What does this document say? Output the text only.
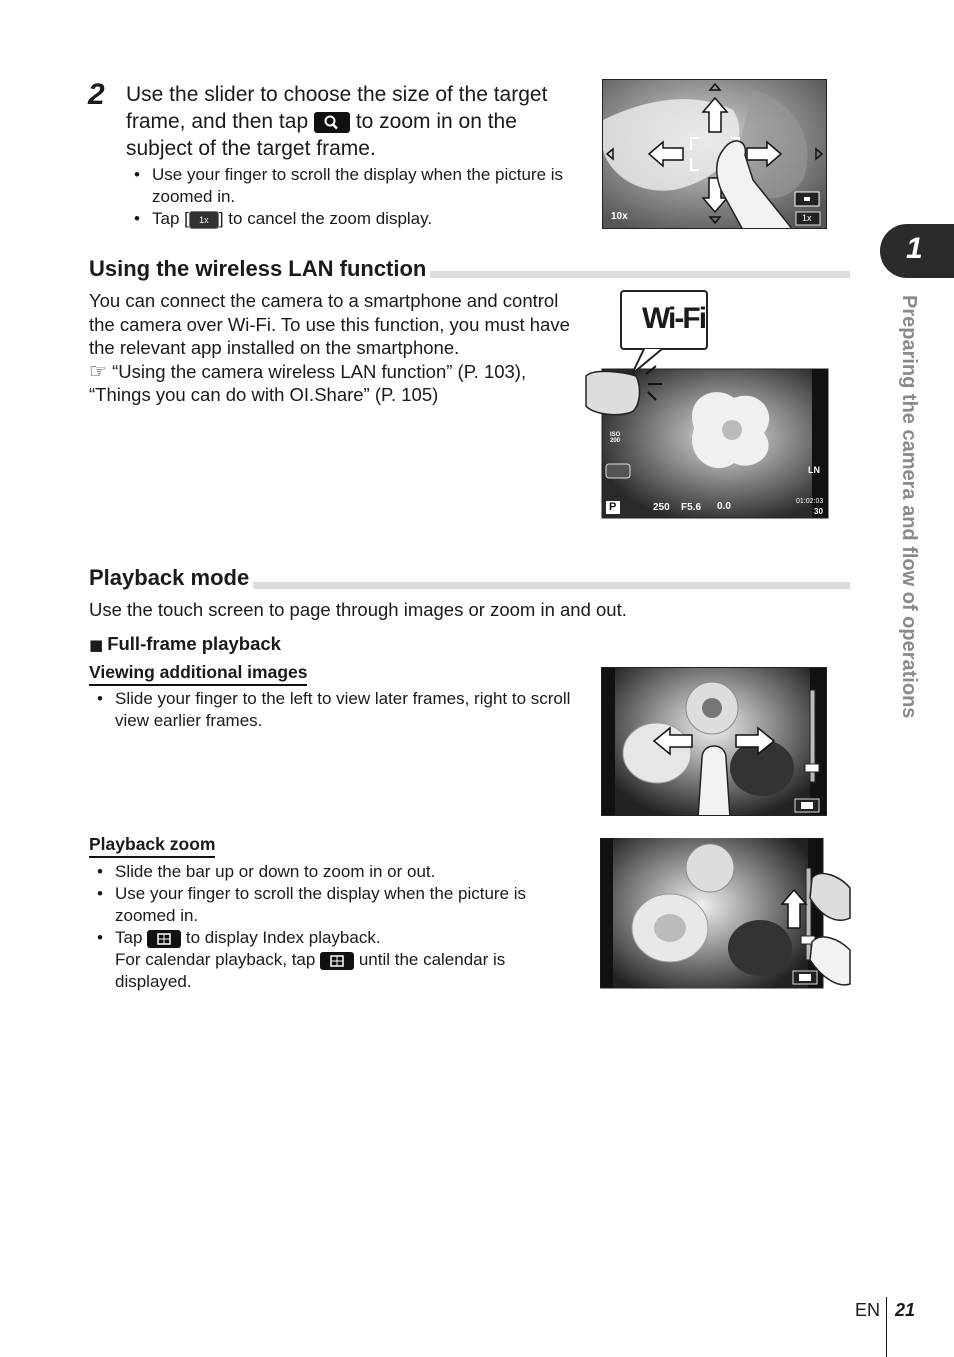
2 Use the slider to choose the size of the target frame, and then tap to zoom in on the subject of the target frame.
• Use your finger to scroll the display when the picture is zoomed in.
• Tap [ 1x ] to cancel the zoom display.	10x	1x
1
Preparing the camera and flow of operations
Using the wireless LAN function
You can connect the camera to a smartphone and control the camera over Wi-Fi. To use this function, you must have the relevant app installed on the smartphone.
☞ “Using the camera wireless LAN function” (P. 103), “Things you can do with OI.Share” (P. 105)
Wi-Fi
ISO 200
LN
P	250 F5.6 0.0	01:02:03
30
Playback mode
Use the touch screen to page through images or zoom in and out.
■ Full-frame playback
Viewing additional images
• Slide your finger to the left to view later frames, right to scroll view earlier frames.
Playback zoom
• Slide the bar up or down to zoom in or out.
• Use your finger to scroll the display when the picture is zoomed in.
• Tap	to display Index playback.
For calendar playback, tap	until the calendar is displayed.
EN 21
